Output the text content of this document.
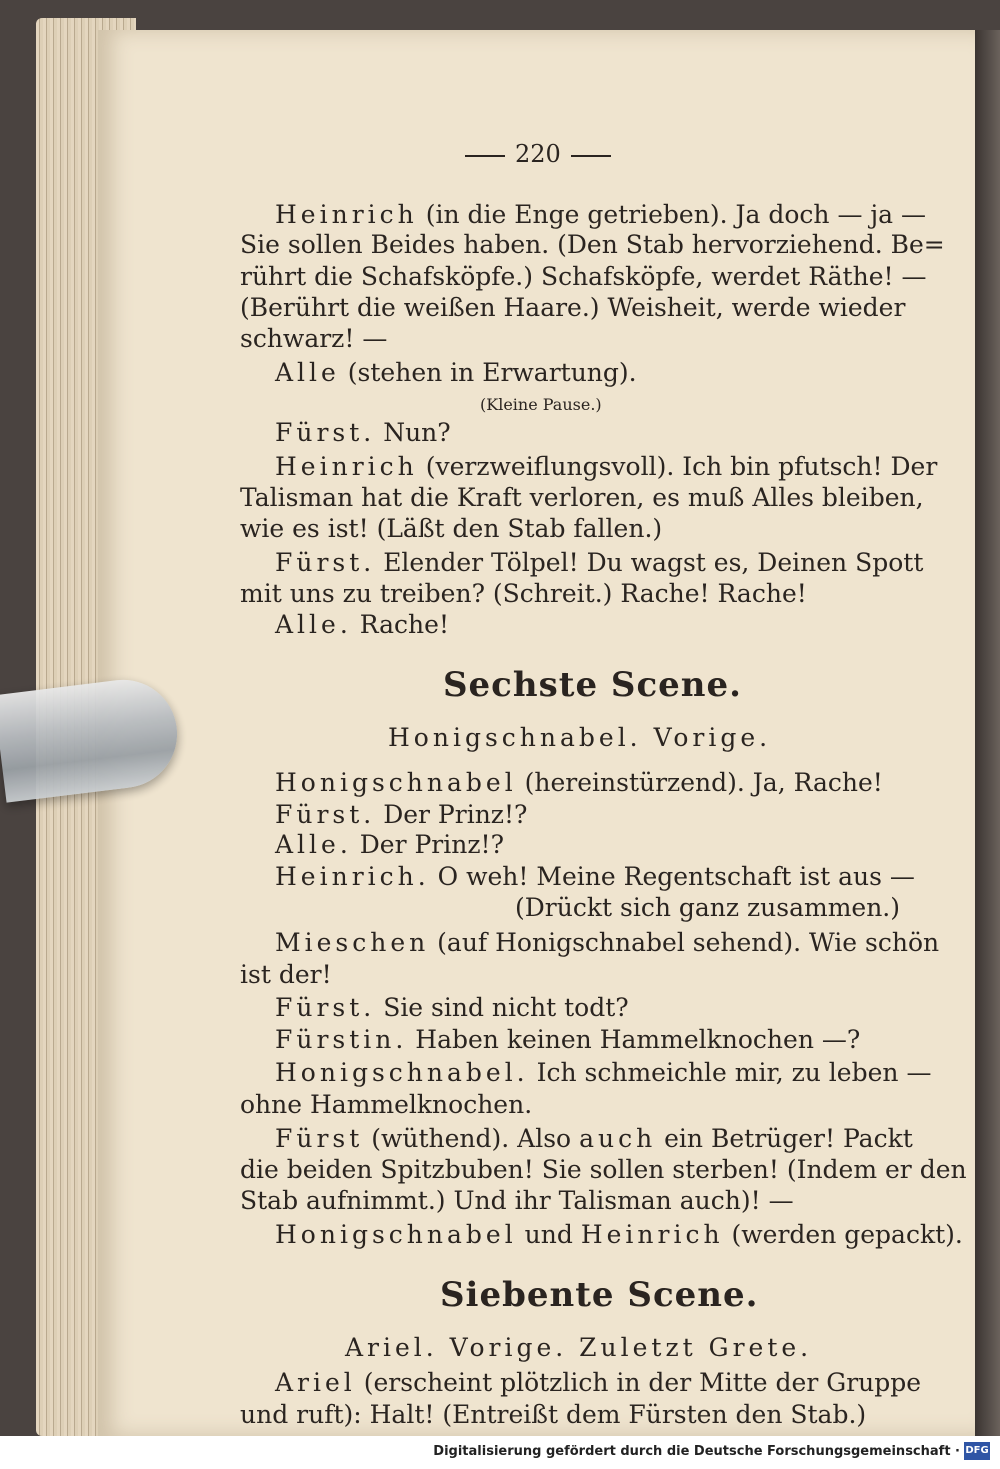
220
Heinrich (in die Enge getrieben). Ja doch — ja —
Sie sollen Beides haben. (Den Stab hervorziehend. Be=
rührt die Schafsköpfe.) Schafsköpfe, werdet Räthe! —
(Berührt die weißen Haare.) Weisheit, werde wieder
schwarz! —
Alle (stehen in Erwartung).
(Kleine Pause.)
Fürst. Nun?
Heinrich (verzweiflungsvoll). Ich bin pfutsch! Der
Talisman hat die Kraft verloren, es muß Alles bleiben,
wie es ist! (Läßt den Stab fallen.)
Fürst. Elender Tölpel! Du wagst es, Deinen Spott
mit uns zu treiben? (Schreit.) Rache! Rache!
Alle. Rache!
Sechste Scene.
Honigschnabel. Vorige.
Honigschnabel (hereinstürzend). Ja, Rache!
Fürst. Der Prinz!?
Alle. Der Prinz!?
Heinrich. O weh! Meine Regentschaft ist aus —
(Drückt sich ganz zusammen.)
Mieschen (auf Honigschnabel sehend). Wie schön
ist der!
Fürst. Sie sind nicht todt?
Fürstin. Haben keinen Hammelknochen —?
Honigschnabel. Ich schmeichle mir, zu leben —
ohne Hammelknochen.
Fürst (wüthend). Also auch ein Betrüger! Packt
die beiden Spitzbuben! Sie sollen sterben! (Indem er den
Stab aufnimmt.) Und ihr Talisman auch)! —
Honigschnabel und Heinrich (werden gepackt).
Siebente Scene.
Ariel. Vorige. Zuletzt Grete.
Ariel (erscheint plötzlich in der Mitte der Gruppe
und ruft): Halt! (Entreißt dem Fürsten den Stab.)
Digitalisierung gefördert durch die Deutsche Forschungsgemeinschaft · DFG
